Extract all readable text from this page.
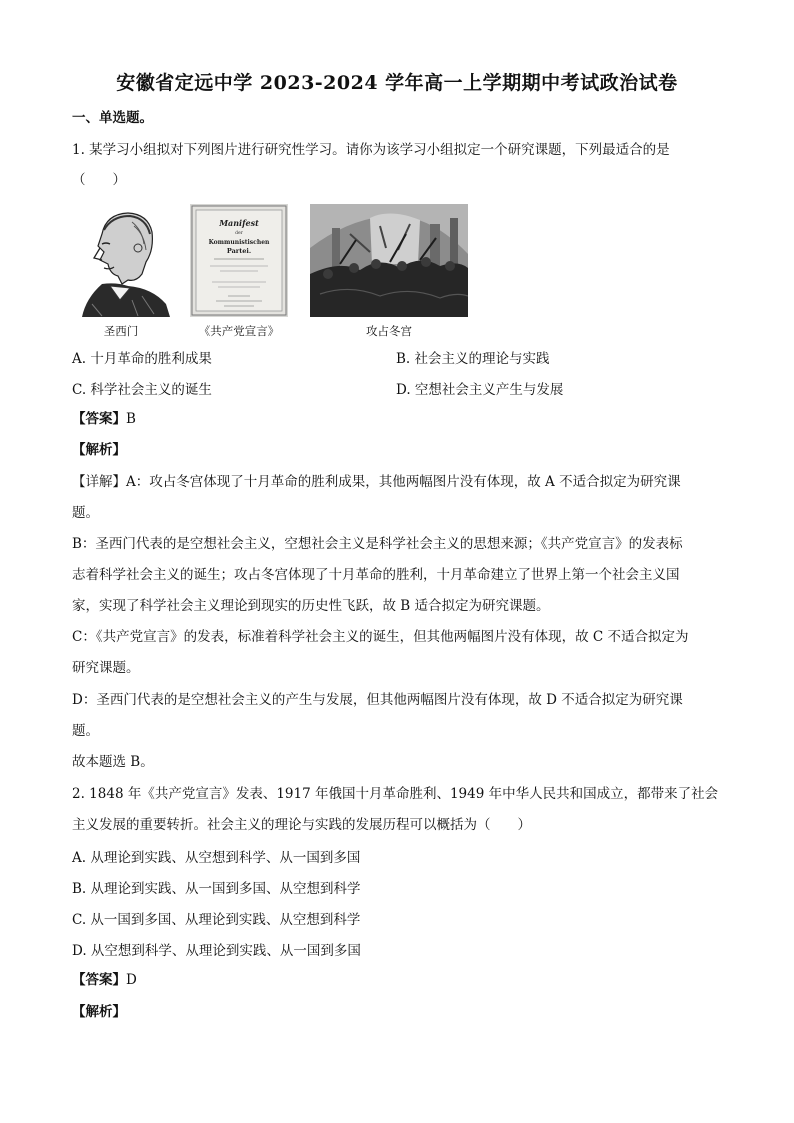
安徽省定远中学 2023-2024 学年高一上学期期中考试政治试卷
一、单选题。
1. 某学习小组拟对下列图片进行研究性学习。请你为该学习小组拟定一个研究课题，下列最适合的是
（　　）
圣西门
Manifest
der
Kommunistischen
Partei.
《共产党宣言》	攻占冬宫
A. 十月革命的胜利成果	B. 社会主义的理论与实践
C. 科学社会主义的诞生	D. 空想社会主义产生与发展
【答案】B
【解析】
【详解】A：攻占冬宫体现了十月革命的胜利成果，其他两幅图片没有体现，故 A 不适合拟定为研究课
题。
B：圣西门代表的是空想社会主义，空想社会主义是科学社会主义的思想来源；《共产党宣言》的发表标
志着科学社会主义的诞生；攻占冬宫体现了十月革命的胜利，十月革命建立了世界上第一个社会主义国
家，实现了科学社会主义理论到现实的历史性飞跃，故 B 适合拟定为研究课题。
C：《共产党宣言》的发表，标准着科学社会主义的诞生，但其他两幅图片没有体现，故 C 不适合拟定为
研究课题。
D：圣西门代表的是空想社会主义的产生与发展，但其他两幅图片没有体现，故 D 不适合拟定为研究课
题。
故本题选 B。
2. 1848 年《共产党宣言》发表、1917 年俄国十月革命胜利、1949 年中华人民共和国成立，都带来了社会
主义发展的重要转折。社会主义的理论与实践的发展历程可以概括为（　　）
A. 从理论到实践、从空想到科学、从一国到多国
B. 从理论到实践、从一国到多国、从空想到科学
C. 从一国到多国、从理论到实践、从空想到科学
D. 从空想到科学、从理论到实践、从一国到多国
【答案】D
【解析】
